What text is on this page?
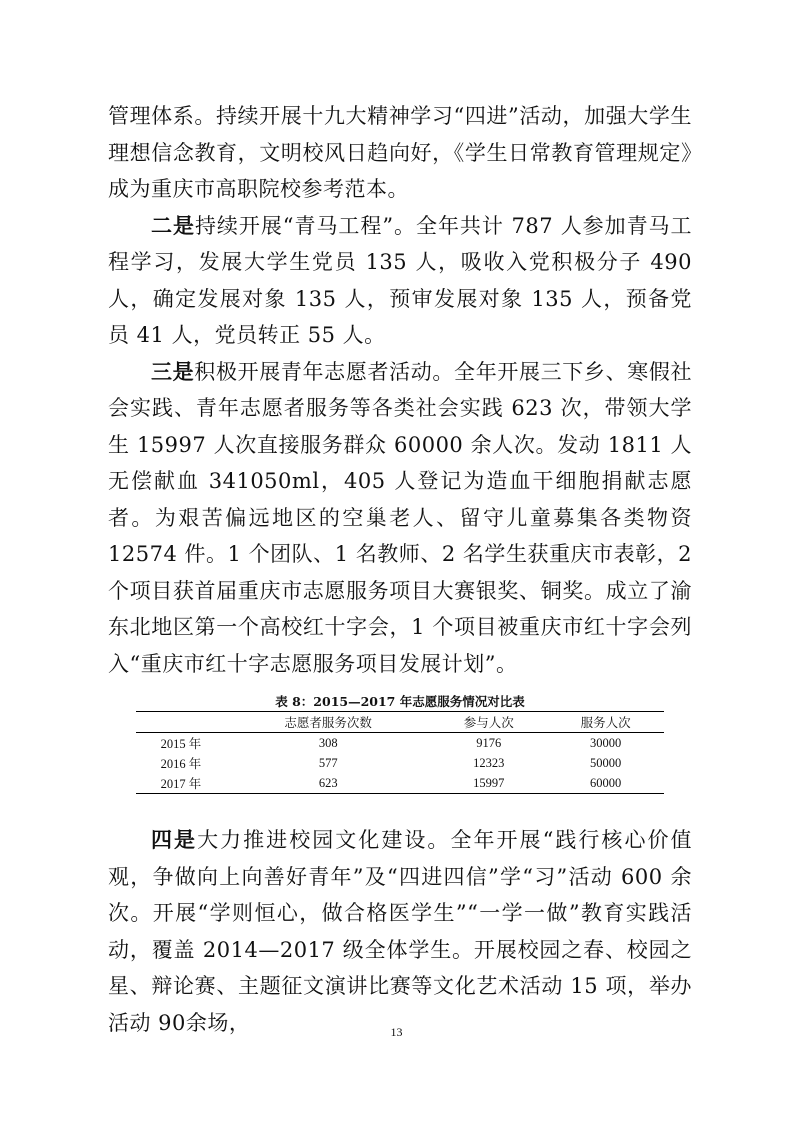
管理体系。持续开展十九大精神学习“四进”活动，加强大学生理想信念教育，文明校风日趋向好，《学生日常教育管理规定》成为重庆市高职院校参考范本。

二是持续开展“青马工程”。全年共计 787 人参加青马工程学习，发展大学生党员 135 人，吸收入党积极分子 490 人，确定发展对象 135 人，预审发展对象 135 人，预备党员 41 人，党员转正 55 人。

三是积极开展青年志愿者活动。全年开展三下乡、寒假社会实践、青年志愿者服务等各类社会实践 623 次，带领大学生 15997 人次直接服务群众 60000 余人次。发动 1811 人无偿献血 341050ml，405 人登记为造血干细胞捐献志愿者。为艰苦偏远地区的空巢老人、留守儿童募集各类物资 12574 件。1 个团队、1 名教师、2 名学生获重庆市表彰，2 个项目获首届重庆市志愿服务项目大赛银奖、铜奖。成立了渝东北地区第一个高校红十字会，1 个项目被重庆市红十字会列入“重庆市红十字志愿服务项目发展计划”。

表 8：2015—2017 年志愿服务情况对比表
	志愿者服务次数	参与人次	服务人次
2015 年	308	9176	30000
2016 年	577	12323	50000
2017 年	623	15997	60000

四是大力推进校园文化建设。全年开展“践行核心价值观，争做向上向善好青年”及“四进四信”学“习”活动 600 余次。开展“学则恒心，做合格医学生”“一学一做”教育实践活动，覆盖 2014—2017 级全体学生。开展校园之春、校园之星、辩论赛、主题征文演讲比赛等文化艺术活动 15 项，举办活动 90余场，	13
